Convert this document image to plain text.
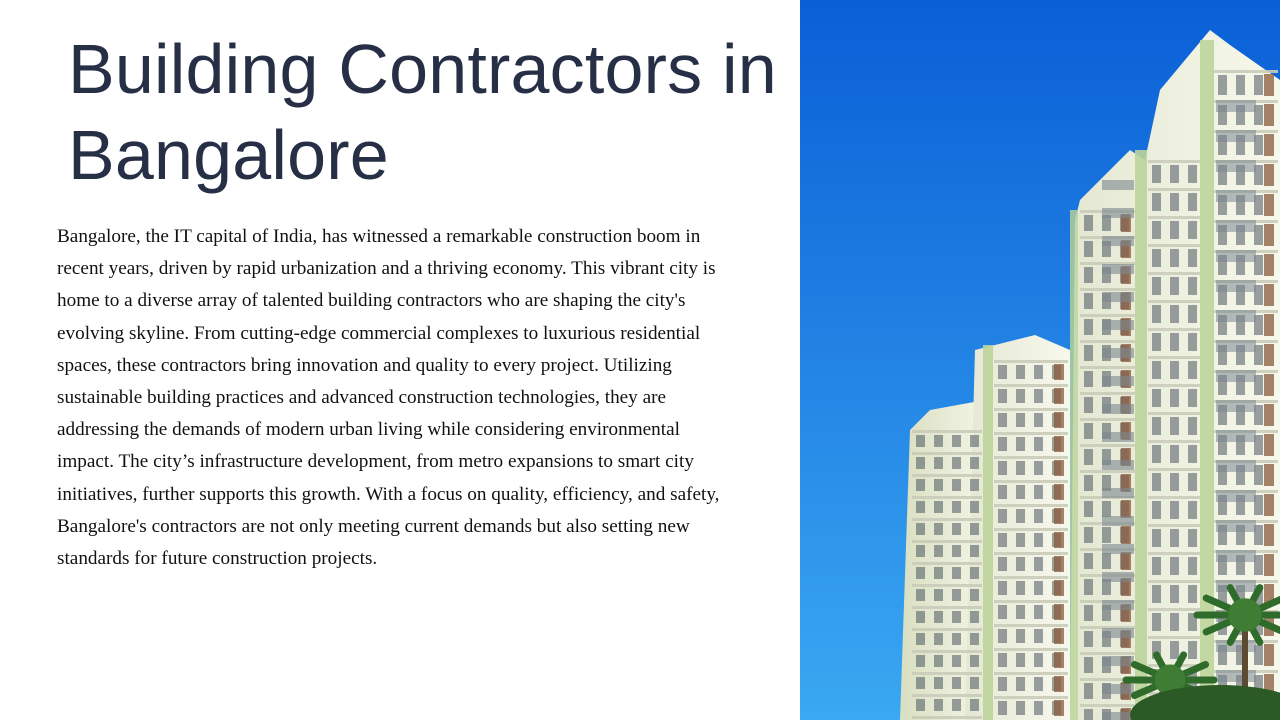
Building Contractors in Bangalore

Bangalore, the IT capital of India, has witnessed a remarkable construction boom in recent years, driven by rapid urbanization and a thriving economy. This vibrant city is home to a diverse array of talented building contractors who are shaping the city's evolving skyline. From cutting-edge commercial complexes to luxurious residential spaces, these contractors bring innovation and quality to every project. Utilizing sustainable building practices and advanced construction technologies, they are addressing the demands of modern urban living while considering environmental impact. The city’s infrastructure development, from metro expansions to smart city initiatives, further supports this growth. With a focus on quality, efficiency, and safety, Bangalore's contractors are not only meeting current demands but also setting new standards for future construction projects.
